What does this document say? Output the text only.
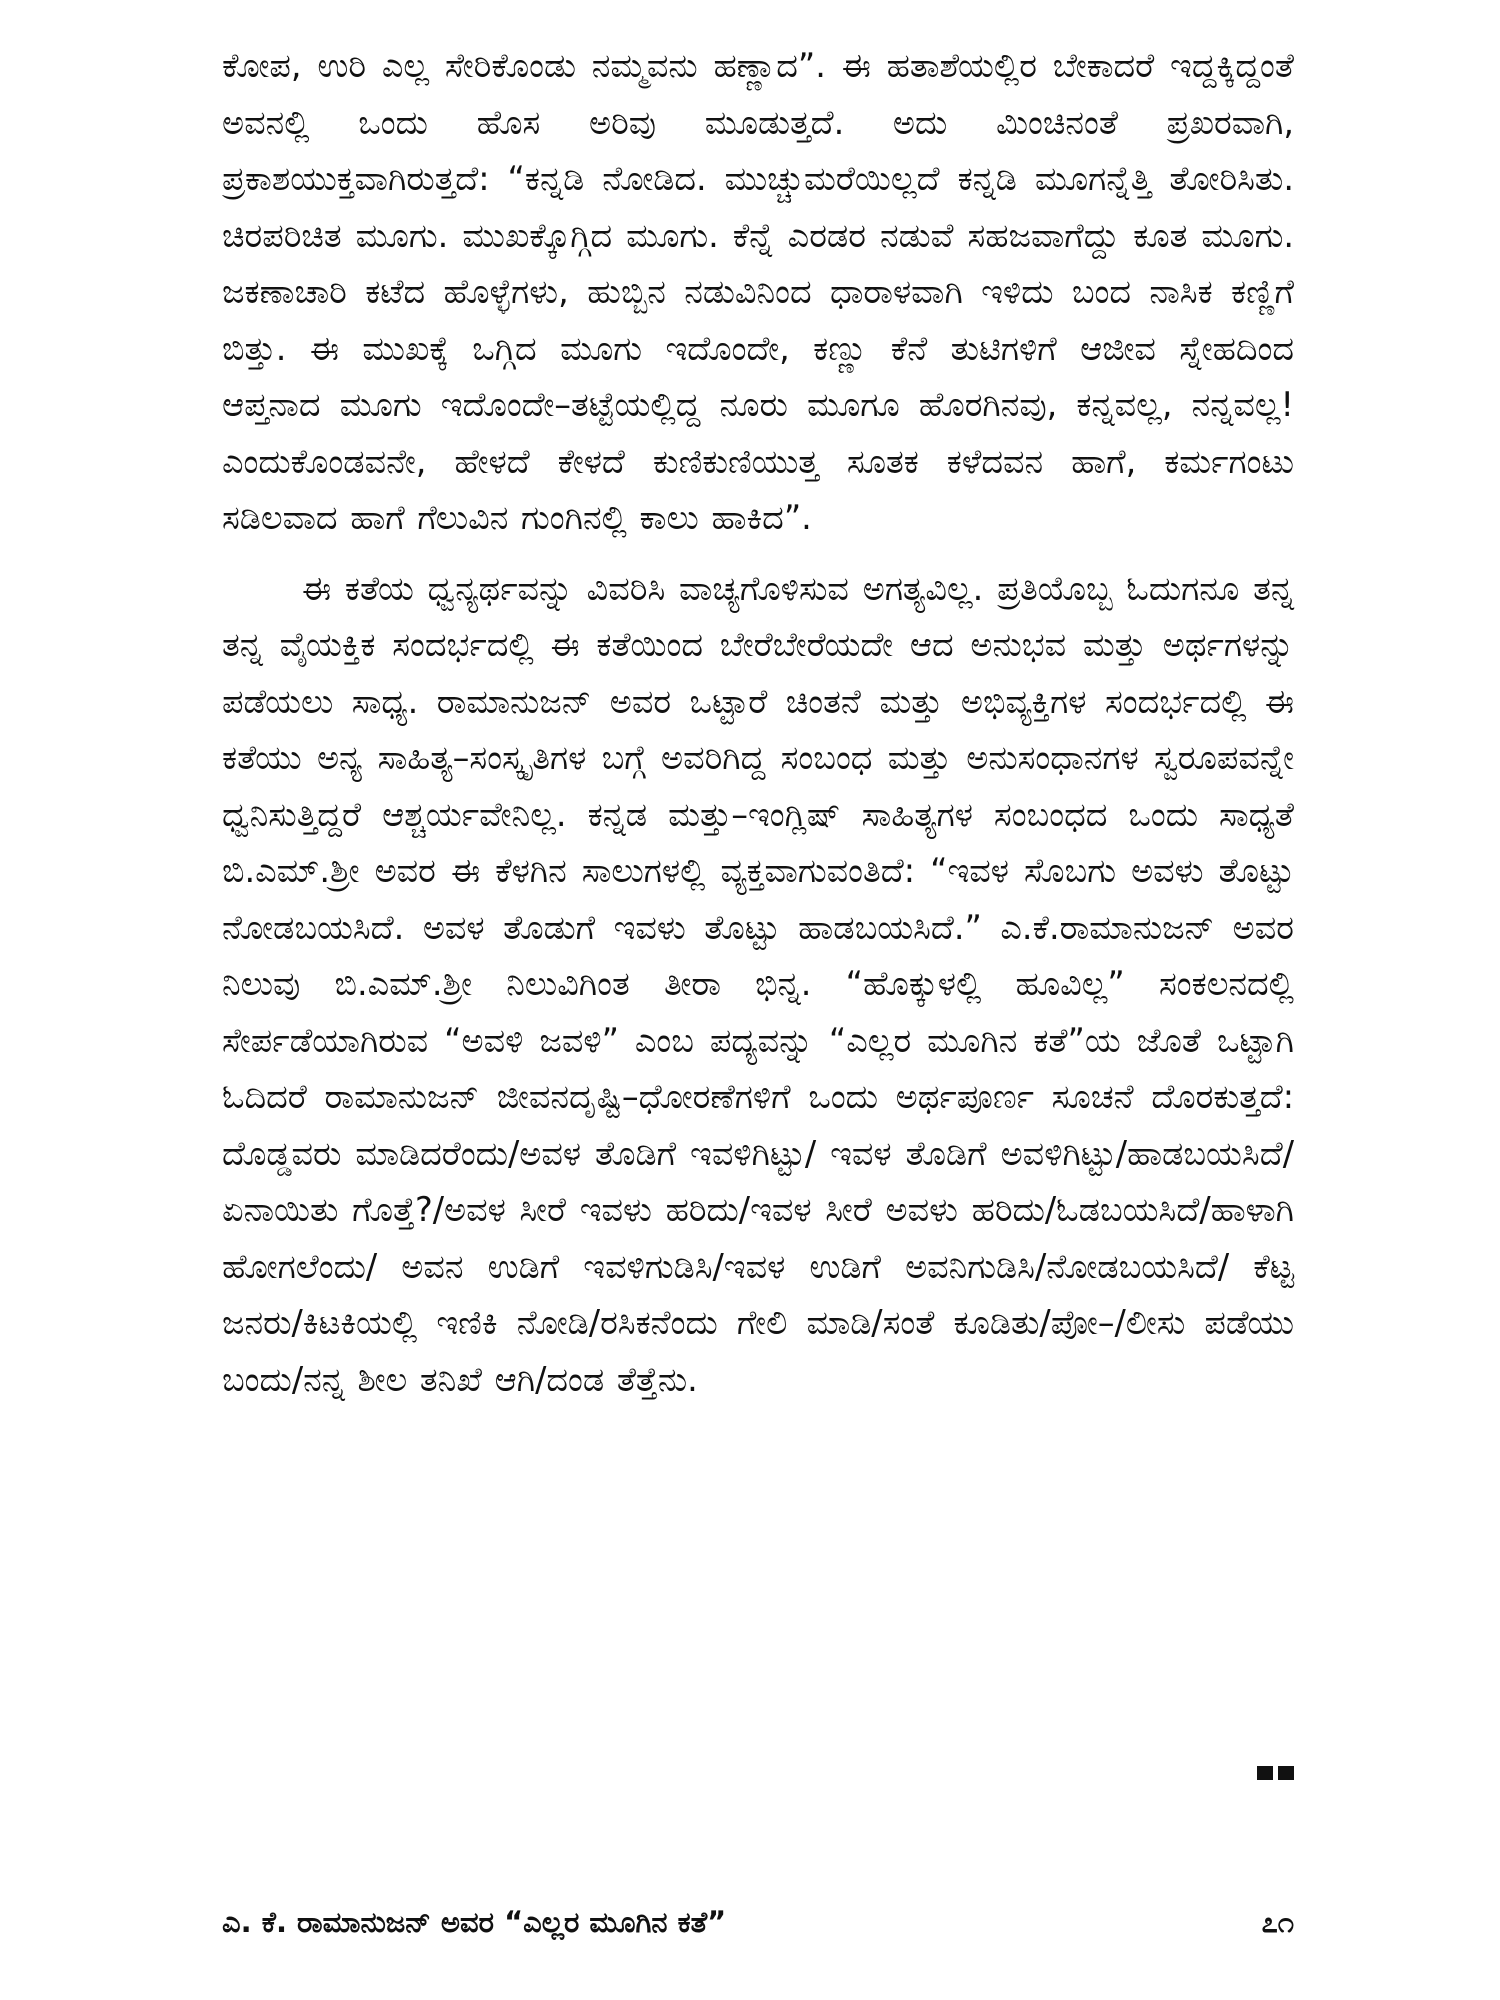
ಕೋಪ, ಉರಿ ಎಲ್ಲ ಸೇರಿಕೊಂಡು ನಮ್ಮವನು ಹಣ್ಣಾದ”. ಈ ಹತಾಶೆಯಲ್ಲಿರ ಬೇಕಾದರೆ ಇದ್ದಕ್ಕಿದ್ದಂತೆ ಅವನಲ್ಲಿ ಒಂದು ಹೊಸ ಅರಿವು ಮೂಡುತ್ತದೆ. ಅದು ಮಿಂಚಿನಂತೆ ಪ್ರಖರವಾಗಿ, ಪ್ರಕಾಶಯುಕ್ತವಾಗಿರುತ್ತದೆ: “ಕನ್ನಡಿ ನೋಡಿದ. ಮುಚ್ಚುಮರೆಯಿಲ್ಲದೆ ಕನ್ನಡಿ ಮೂಗನ್ನೆತ್ತಿ ತೋರಿಸಿತು. ಚಿರಪರಿಚಿತ ಮೂಗು. ಮುಖಕ್ಕೊಗ್ಗಿದ ಮೂಗು. ಕೆನ್ನೆ ಎರಡರ ನಡುವೆ ಸಹಜವಾಗೆದ್ದು ಕೂತ ಮೂಗು. ಜಕಣಾಚಾರಿ ಕಟೆದ ಹೊಳ್ಳೆಗಳು, ಹುಬ್ಬಿನ ನಡುವಿನಿಂದ ಧಾರಾಳವಾಗಿ ಇಳಿದು ಬಂದ ನಾಸಿಕ ಕಣ್ಣಿಗೆ ಬಿತ್ತು. ಈ ಮುಖಕ್ಕೆ ಒಗ್ಗಿದ ಮೂಗು ಇದೊಂದೇ, ಕಣ್ಣು ಕೆನೆ ತುಟಿಗಳಿಗೆ ಆಜೀವ ಸ್ನೇಹದಿಂದ ಆಪ್ತನಾದ ಮೂಗು ಇದೊಂದೇ–ತಟ್ಟೆಯಲ್ಲಿದ್ದ ನೂರು ಮೂಗೂ ಹೊರಗಿನವು, ಕನ್ನವಲ್ಲ, ನನ್ನವಲ್ಲ! ಎಂದುಕೊಂಡವನೇ, ಹೇಳದೆ ಕೇಳದೆ ಕುಣಿಕುಣಿಯುತ್ತ ಸೂತಕ ಕಳೆದವನ ಹಾಗೆ, ಕರ್ಮಗಂಟು ಸಡಿಲವಾದ ಹಾಗೆ ಗೆಲುವಿನ ಗುಂಗಿನಲ್ಲಿ ಕಾಲು ಹಾಕಿದ”.

ಈ ಕತೆಯ ಧ್ವನ್ಯರ್ಥವನ್ನು ವಿವರಿಸಿ ವಾಚ್ಯಗೊಳಿಸುವ ಅಗತ್ಯವಿಲ್ಲ. ಪ್ರತಿಯೊಬ್ಬ ಓದುಗನೂ ತನ್ನ ತನ್ನ ವೈಯಕ್ತಿಕ ಸಂದರ್ಭದಲ್ಲಿ ಈ ಕತೆಯಿಂದ ಬೇರೆಬೇರೆಯದೇ ಆದ ಅನುಭವ ಮತ್ತು ಅರ್ಥಗಳನ್ನು ಪಡೆಯಲು ಸಾಧ್ಯ. ರಾಮಾನುಜನ್ ಅವರ ಒಟ್ಟಾರೆ ಚಿಂತನೆ ಮತ್ತು ಅಭಿವ್ಯಕ್ತಿಗಳ ಸಂದರ್ಭದಲ್ಲಿ ಈ ಕತೆಯು ಅನ್ಯ ಸಾಹಿತ್ಯ–ಸಂಸ್ಕೃತಿಗಳ ಬಗ್ಗೆ ಅವರಿಗಿದ್ದ ಸಂಬಂಧ ಮತ್ತು ಅನುಸಂಧಾನಗಳ ಸ್ವರೂಪವನ್ನೇ ಧ್ವನಿಸುತ್ತಿದ್ದರೆ ಆಶ್ಚರ್ಯವೇನಿಲ್ಲ. ಕನ್ನಡ ಮತ್ತು–ಇಂಗ್ಲಿಷ್ ಸಾಹಿತ್ಯಗಳ ಸಂಬಂಧದ ಒಂದು ಸಾಧ್ಯತೆ ಬಿ.ಎಮ್.ಶ್ರೀ ಅವರ ಈ ಕೆಳಗಿನ ಸಾಲುಗಳಲ್ಲಿ ವ್ಯಕ್ತವಾಗುವಂತಿದೆ: “ಇವಳ ಸೊಬಗು ಅವಳು ತೊಟ್ಟು ನೋಡಬಯಸಿದೆ. ಅವಳ ತೊಡುಗೆ ಇವಳು ತೊಟ್ಟು ಹಾಡಬಯಸಿದೆ.” ಎ.ಕೆ.ರಾಮಾನುಜನ್ ಅವರ ನಿಲುವು ಬಿ.ಎಮ್.ಶ್ರೀ ನಿಲುವಿಗಿಂತ ತೀರಾ ಭಿನ್ನ. “ಹೊಕ್ಕುಳಲ್ಲಿ ಹೂವಿಲ್ಲ” ಸಂಕಲನದಲ್ಲಿ ಸೇರ್ಪಡೆಯಾಗಿರುವ “ಅವಳಿ ಜವಳಿ” ಎಂಬ ಪದ್ಯವನ್ನು “ಎಲ್ಲರ ಮೂಗಿನ ಕತೆ”ಯ ಜೊತೆ ಒಟ್ಟಾಗಿ ಓದಿದರೆ ರಾಮಾನುಜನ್ ಜೀವನದೃಷ್ಟಿ–ಧೋರಣೆಗಳಿಗೆ ಒಂದು ಅರ್ಥಪೂರ್ಣ ಸೂಚನೆ ದೊರಕುತ್ತದೆ: ದೊಡ್ಡವರು ಮಾಡಿದರೆಂದು/ಅವಳ ತೊಡಿಗೆ ಇವಳಿಗಿಟ್ಟು/ ಇವಳ ತೊಡಿಗೆ ಅವಳಿಗಿಟ್ಟು/ಹಾಡಬಯಸಿದೆ/ಏನಾಯಿತು ಗೊತ್ತೆ?/ಅವಳ ಸೀರೆ ಇವಳು ಹರಿದು/ಇವಳ ಸೀರೆ ಅವಳು ಹರಿದು/ಓಡಬಯಸಿದೆ/ಹಾಳಾಗಿ ಹೋಗಲೆಂದು/ ಅವನ ಉಡಿಗೆ ಇವಳಿಗುಡಿಸಿ/ಇವಳ ಉಡಿಗೆ ಅವನಿಗುಡಿಸಿ/ನೋಡಬಯಸಿದೆ/ ಕೆಟ್ಟ ಜನರು/ಕಿಟಕಿಯಲ್ಲಿ ಇಣಿಕಿ ನೋಡಿ/ರಸಿಕನೆಂದು ಗೇಲಿ ಮಾಡಿ/ಸಂತೆ ಕೂಡಿತು/ಪೋ–/ಲೀಸು ಪಡೆಯು ಬಂದು/ನನ್ನ ಶೀಲ ತನಿಖೆ ಆಗಿ/ದಂಡ ತೆತ್ತೆನು.

ಎ. ಕೆ. ರಾಮಾನುಜನ್ ಅವರ “ಎಲ್ಲರ ಮೂಗಿನ ಕತೆ”	೭೧
